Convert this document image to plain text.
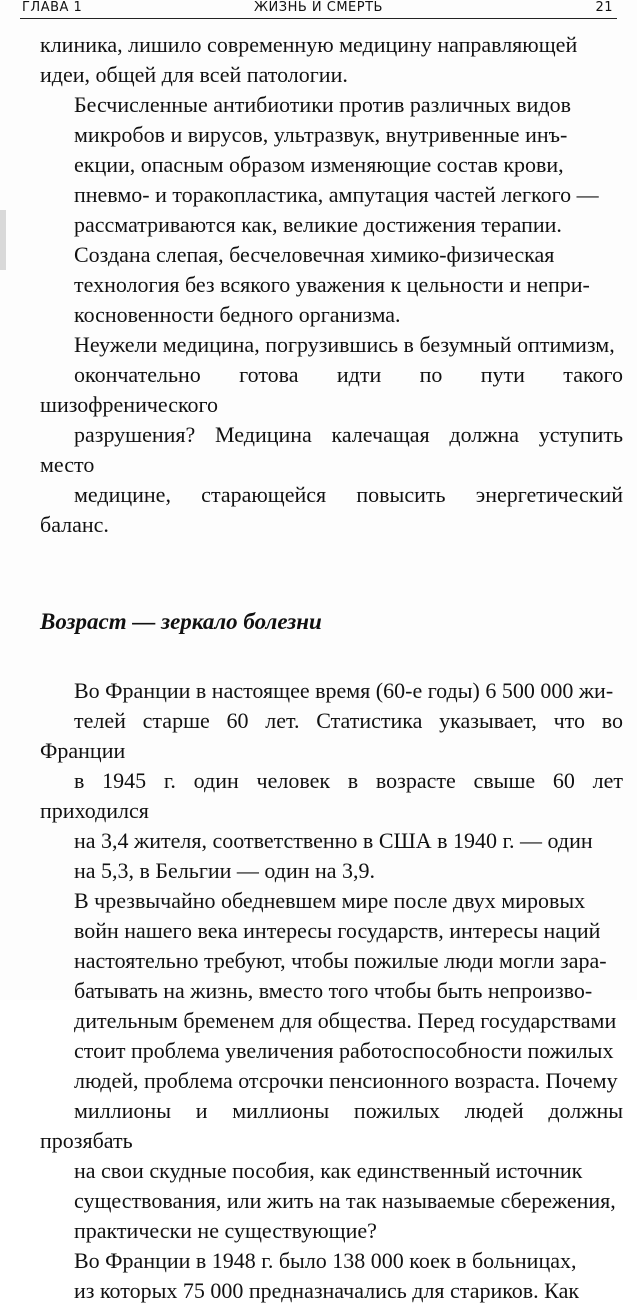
ГЛАВА 1	ЖИЗНЬ И СМЕРТЬ	21

клиника, лишило современную медицину направляющей
идеи, общей для всей патологии.

Бесчисленные антибиотики против различных видов
микробов и вирусов, ультразвук, внутривенные инъ-
екции, опасным образом изменяющие состав крови,
пневмо- и торакопластика, ампутация частей легкого —
рассматриваются как, великие достижения терапии.

Создана слепая, бесчеловечная химико-физическая
технология без всякого уважения к цельности и непри-
косновенности бедного организма.

Неужели медицина, погрузившись в безумный оптимизм,
окончательно готова идти по пути такого шизофренического
разрушения? Медицина калечащая должна уступить место
медицине, старающейся повысить энергетический баланс.

Возраст — зеркало болезни

Во Франции в настоящее время (60-е годы) 6 500 000 жи-
телей старше 60 лет. Статистика указывает, что во Франции
в 1945 г. один человек в возрасте свыше 60 лет приходился
на 3,4 жителя, соответственно в США в 1940 г. — один
на 5,3, в Бельгии — один на 3,9.

В чрезвычайно обедневшем мире после двух мировых
войн нашего века интересы государств, интересы наций
настоятельно требуют, чтобы пожилые люди могли зара-
батывать на жизнь, вместо того чтобы быть непроизво-
дительным бременем для общества. Перед государствами
стоит проблема увеличения работоспособности пожилых
людей, проблема отсрочки пенсионного возраста. Почему
миллионы и миллионы пожилых людей должны прозябать
на свои скудные пособия, как единственный источник
существования, или жить на так называемые сбережения,
практически не существующие?

Во Франции в 1948 г. было 138 000 коек в больницах,
из которых 75 000 предназначались для стариков. Как
